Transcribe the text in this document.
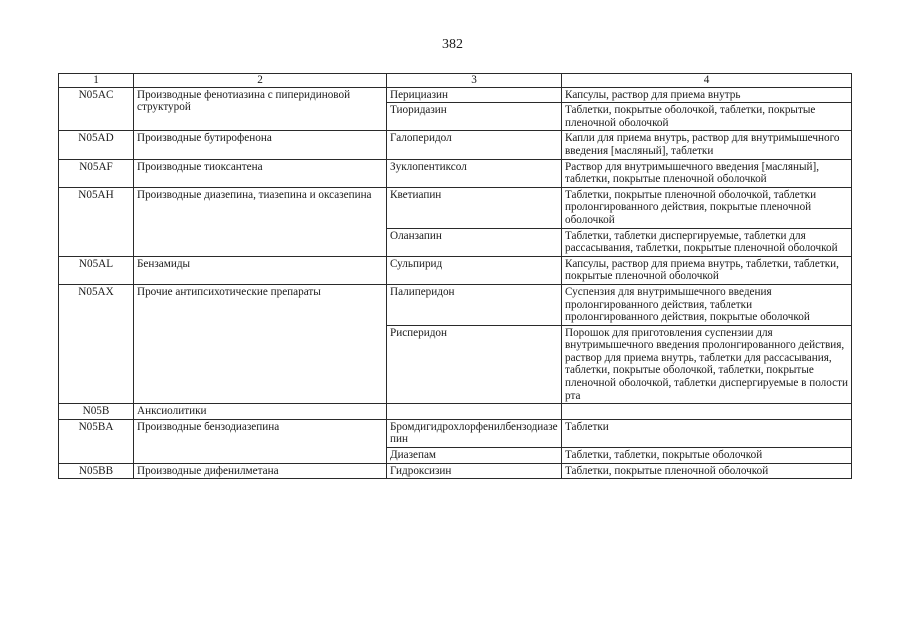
382
1	2	3	4
N05AC	Производные фенотиазина с пиперидиновой структурой	Перициазин	Капсулы, раствор для приема внутрь
		Тиоридазин	Таблетки, покрытые оболочкой, таблетки, покрытые пленочной оболочкой
N05AD	Производные бутирофенона	Галоперидол	Капли для приема внутрь, раствор для внутримышечного введения [масляный], таблетки
N05AF	Производные тиоксантена	Зуклопентиксол	Раствор для внутримышечного введения [масляный], таблетки, покрытые пленочной оболочкой
N05AH	Производные диазепина, тиазепина и оксазепина	Кветиапин	Таблетки, покрытые пленочной оболочкой, таблетки пролонгированного действия, покрытые пленочной оболочкой
		Оланзапин	Таблетки, таблетки диспергируемые, таблетки для рассасывания, таблетки, покрытые пленочной оболочкой
N05AL	Бензамиды	Сульпирид	Капсулы, раствор для приема внутрь, таблетки, таблетки, покрытые пленочной оболочкой
N05AX	Прочие антипсихотические препараты	Палиперидон	Суспензия для внутримышечного введения пролонгированного действия, таблетки пролонгированного действия, покрытые оболочкой
		Рисперидон	Порошок для приготовления суспензии для внутримышечного введения пролонгированного действия, раствор для приема внутрь, таблетки для рассасывания, таблетки, покрытые оболочкой, таблетки, покрытые пленочной оболочкой, таблетки диспергируемые в полости рта
N05B	Анксиолитики		
N05BA	Производные бензодиазепина	Бромдигидрохлорфенилбензодиазепин	Таблетки
		Диазепам	Таблетки, таблетки, покрытые оболочкой
N05BB	Производные дифенилметана	Гидроксизин	Таблетки, покрытые пленочной оболочкой
